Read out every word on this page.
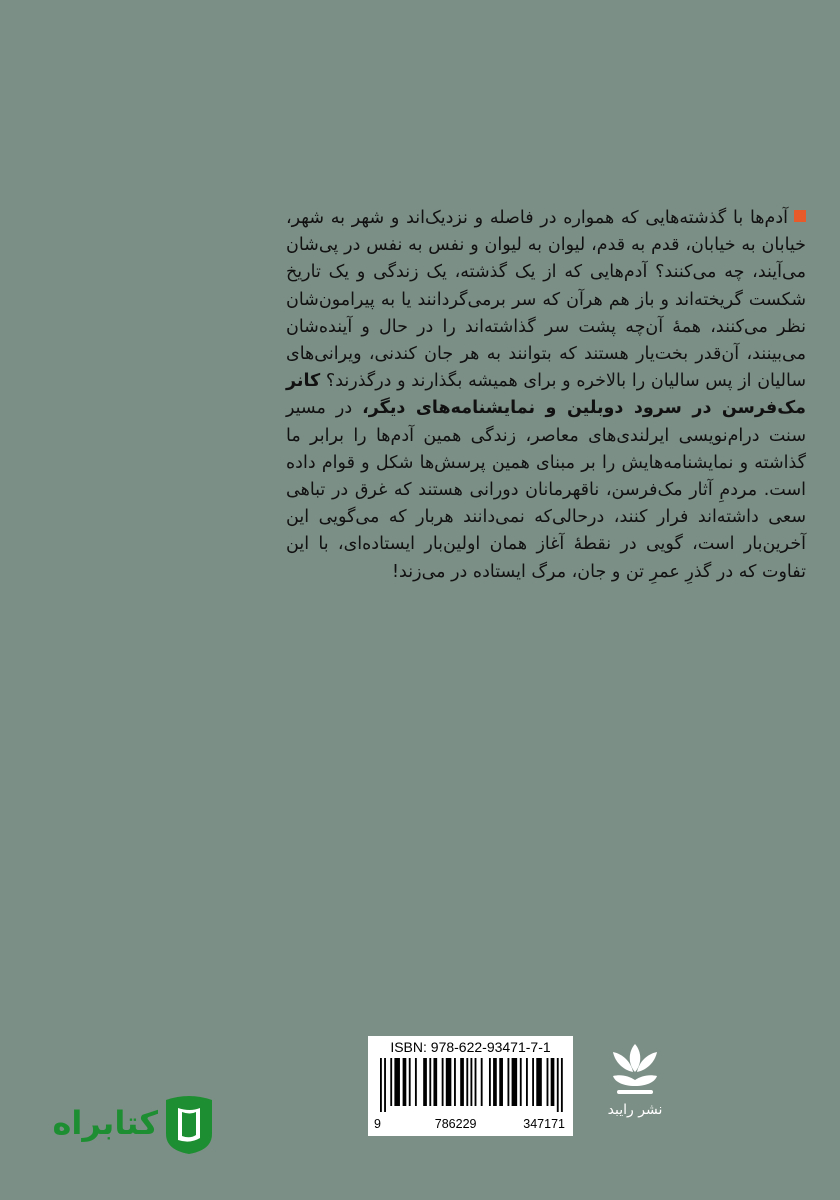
آدم‌ها با گذشته‌هایی که همواره در فاصله و نزدیک‌اند و شهر به شهر، خیابان به خیابان، قدم به قدم، لیوان به لیوان و نفس به نفس در پی‌شان می‌آیند، چه می‌کنند؟ آدم‌هایی که از یک گذشته، یک زندگی و یک تاریخ شکست گریخته‌اند و باز هم هرآن که سر برمی‌گردانند یا به پیرامون‌شان نظر می‌کنند، همهٔ آن‌چه پشت سر گذاشته‌اند را در حال و آینده‌شان می‌بینند، آن‌قدر بخت‌یار هستند که بتوانند به هر جان کندنی، ویرانی‌های سالیان از پس سالیان را بالاخره و برای همیشه بگذارند و درگذرند؟ کانر مک‌فرسن در سرود دوبلین و نمایشنامه‌های دیگر، در مسیر سنت درام‌نویسی ایرلندی‌های معاصر، زندگی همین آدم‌ها را برابر ما گذاشته و نمایشنامه‌هایش را بر مبنای همین پرسش‌ها شکل و قوام داده است. مردمِ آثار مک‌فرسن، ناقهرمانان دورانی هستند که غرق در تباهی سعی داشته‌اند فرار کنند، درحالی‌که نمی‌دانند هربار که می‌گویی این آخرین‌بار است، گویی در نقطهٔ آغاز همان اولین‌بار ایستاده‌ای، با این تفاوت که در گذرِ عمرِ تن و جان، مرگ ایستاده در می‌زند!
ISBN: 978-622-93471-7-1
9	786229	347171
نشر رایبد
کتابراه
